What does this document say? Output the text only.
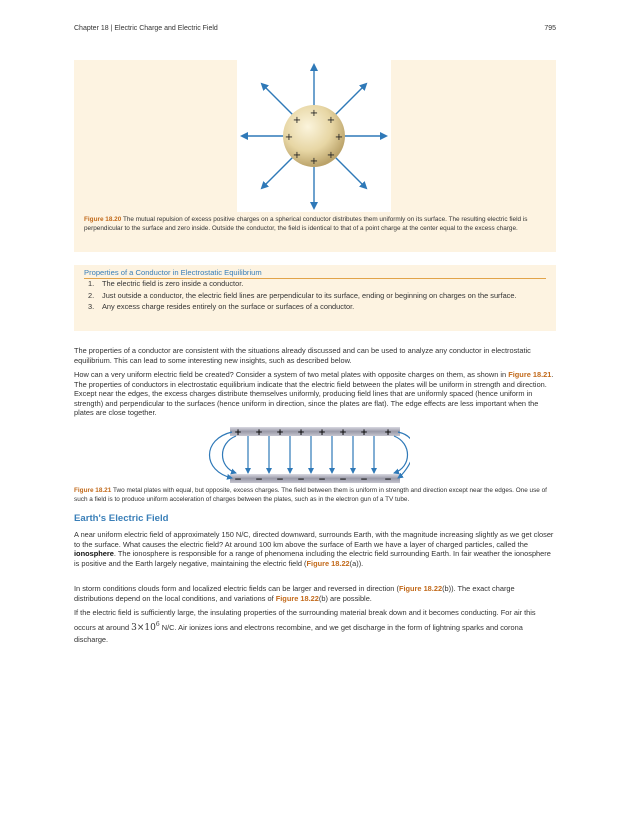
Chapter 18 | Electric Charge and Electric Field	795
+
+
+	+
+	+
+	+
Figure 18.20 The mutual repulsion of excess positive charges on a spherical conductor distributes them uniformly on its surface. The resulting electric field is perpendicular to the surface and zero inside. Outside the conductor, the field is identical to that of a point charge at the center equal to the excess charge.
Properties of a Conductor in Electrostatic Equilibrium
1. The electric field is zero inside a conductor.
2. Just outside a conductor, the electric field lines are perpendicular to its surface, ending or beginning on charges on the surface.
3. Any excess charge resides entirely on the surface or surfaces of a conductor.

The properties of a conductor are consistent with the situations already discussed and can be used to analyze any conductor in electrostatic equilibrium. This can lead to some interesting new insights, such as described below.

How can a very uniform electric field be created? Consider a system of two metal plates with opposite charges on them, as shown in Figure 18.21. The properties of conductors in electrostatic equilibrium indicate that the electric field between the plates will be uniform in strength and direction. Except near the edges, the excess charges distribute themselves uniformly, producing field lines that are uniformly spaced (hence uniform in strength) and perpendicular to the surfaces (hence uniform in direction, since the plates are flat). The edge effects are less important when the plates are close together.

+ + + + + + + +
− − − − − − − −
Figure 18.21 Two metal plates with equal, but opposite, excess charges. The field between them is uniform in strength and direction except near the edges. One use of such a field is to produce uniform acceleration of charges between the plates, such as in the electron gun of a TV tube.
Earth's Electric Field

A near uniform electric field of approximately 150 N/C, directed downward, surrounds Earth, with the magnitude increasing slightly as we get closer to the surface. What causes the electric field? At around 100 km above the surface of Earth we have a layer of charged particles, called the ionosphere. The ionosphere is responsible for a range of phenomena including the electric field surrounding Earth. In fair weather the ionosphere is positive and the Earth largely negative, maintaining the electric field (Figure 18.22(a)).

In storm conditions clouds form and localized electric fields can be larger and reversed in direction (Figure 18.22(b)). The exact charge distributions depend on the local conditions, and variations of Figure 18.22(b) are possible.

If the electric field is sufficiently large, the insulating properties of the surrounding material break down and it becomes conducting. For air this occurs at around $3\times 10^6$ N/C. Air ionizes ions and electrons recombine, and we get discharge in the form of lightning sparks and corona discharge.
